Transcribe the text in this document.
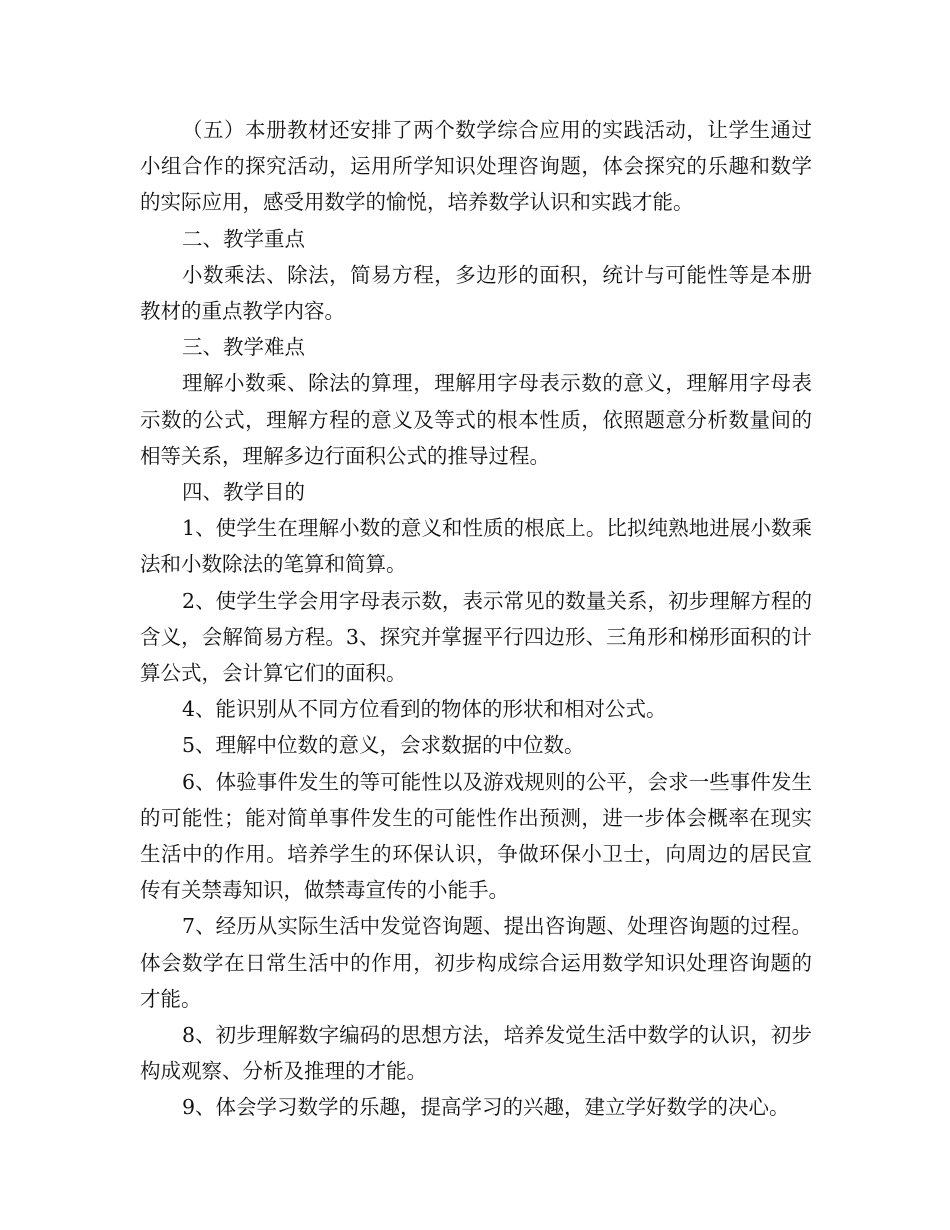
（五）本册教材还安排了两个数学综合应用的实践活动，让学生通过小组合作的探究活动，运用所学知识处理咨询题，体会探究的乐趣和数学的实际应用，感受用数学的愉悦，培养数学认识和实践才能。

二、教学重点

小数乘法、除法，简易方程，多边形的面积，统计与可能性等是本册教材的重点教学内容。

三、教学难点

理解小数乘、除法的算理，理解用字母表示数的意义，理解用字母表示数的公式，理解方程的意义及等式的根本性质，依照题意分析数量间的相等关系，理解多边行面积公式的推导过程。

四、教学目的

1、使学生在理解小数的意义和性质的根底上。比拟纯熟地进展小数乘法和小数除法的笔算和简算。

2、使学生学会用字母表示数，表示常见的数量关系，初步理解方程的含义，会解简易方程。3、探究并掌握平行四边形、三角形和梯形面积的计算公式，会计算它们的面积。

4、能识别从不同方位看到的物体的形状和相对公式。

5、理解中位数的意义，会求数据的中位数。

6、体验事件发生的等可能性以及游戏规则的公平，会求一些事件发生的可能性；能对简单事件发生的可能性作出预测，进一步体会概率在现实生活中的作用。培养学生的环保认识，争做环保小卫士，向周边的居民宣传有关禁毒知识，做禁毒宣传的小能手。

7、经历从实际生活中发觉咨询题、提出咨询题、处理咨询题的过程。体会数学在日常生活中的作用，初步构成综合运用数学知识处理咨询题的才能。

8、初步理解数字编码的思想方法，培养发觉生活中数学的认识，初步构成观察、分析及推理的才能。

9、体会学习数学的乐趣，提高学习的兴趣，建立学好数学的决心。
